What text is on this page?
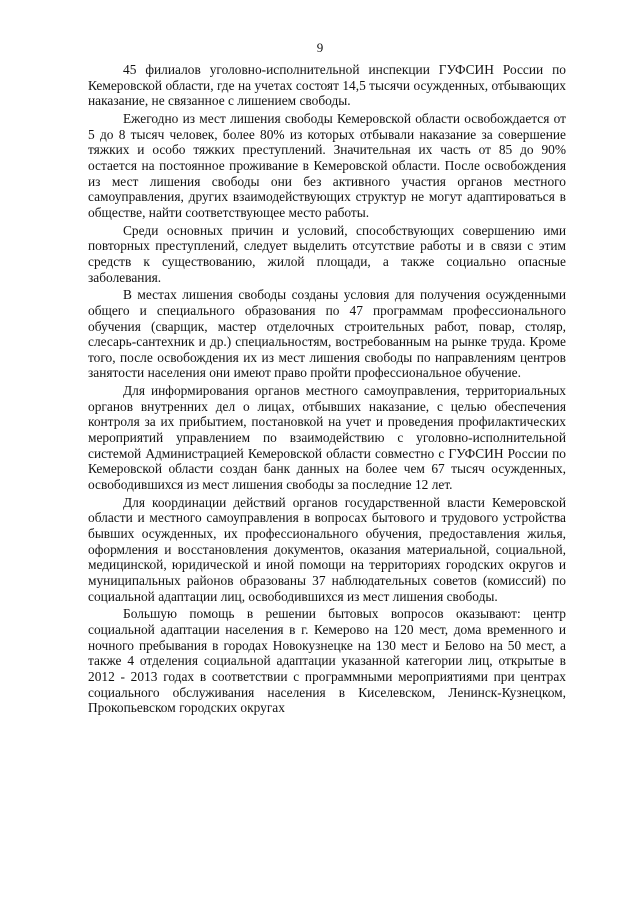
9

45 филиалов уголовно-исполнительной инспекции ГУФСИН России по Кемеровской области, где на учетах состоят 14,5 тысячи осужденных, отбывающих наказание, не связанное с лишением свободы.

Ежегодно из мест лишения свободы Кемеровской области освобождается от 5 до 8 тысяч человек, более 80% из которых отбывали наказание за совершение тяжких и особо тяжких преступлений. Значительная их часть от 85 до 90% остается на постоянное проживание в Кемеровской области. После освобождения из мест лишения свободы они без активного участия органов местного самоуправления, других взаимодействующих структур не могут адаптироваться в обществе, найти соответствующее место работы.

Среди основных причин и условий, способствующих совершению ими повторных преступлений, следует выделить отсутствие работы и в связи с этим средств к существованию, жилой площади, а также социально опасные заболевания.

В местах лишения свободы созданы условия для получения осужденными общего и специального образования по 47 программам профессионального обучения (сварщик, мастер отделочных строительных работ, повар, столяр, слесарь-сантехник и др.) специальностям, востребованным на рынке труда. Кроме того, после освобождения их из мест лишения свободы по направлениям центров занятости населения они имеют право пройти профессиональное обучение.

Для информирования органов местного самоуправления, территориальных органов внутренних дел о лицах, отбывших наказание, с целью обеспечения контроля за их прибытием, постановкой на учет и проведения профилактических мероприятий управлением по взаимодействию с уголовно-исполнительной системой Администрацией Кемеровской области совместно с ГУФСИН России по Кемеровской области создан банк данных на более чем 67 тысяч осужденных, освободившихся из мест лишения свободы за последние 12 лет.

Для координации действий органов государственной власти Кемеровской области и местного самоуправления в вопросах бытового и трудового устройства бывших осужденных, их профессионального обучения, предоставления жилья, оформления и восстановления документов, оказания материальной, социальной, медицинской, юридической и иной помощи на территориях городских округов и муниципальных районов образованы 37 наблюдательных советов (комиссий) по социальной адаптации лиц, освободившихся из мест лишения свободы.

Большую помощь в решении бытовых вопросов оказывают: центр социальной адаптации населения в г. Кемерово на 120 мест, дома временного и ночного пребывания в городах Новокузнецке на 130 мест и Белово на 50 мест, а также 4 отделения социальной адаптации указанной категории лиц, открытые в 2012 - 2013 годах в соответствии с программными мероприятиями при центрах социального обслуживания населения в Киселевском, Ленинск-Кузнецком, Прокопьевском городских округах
